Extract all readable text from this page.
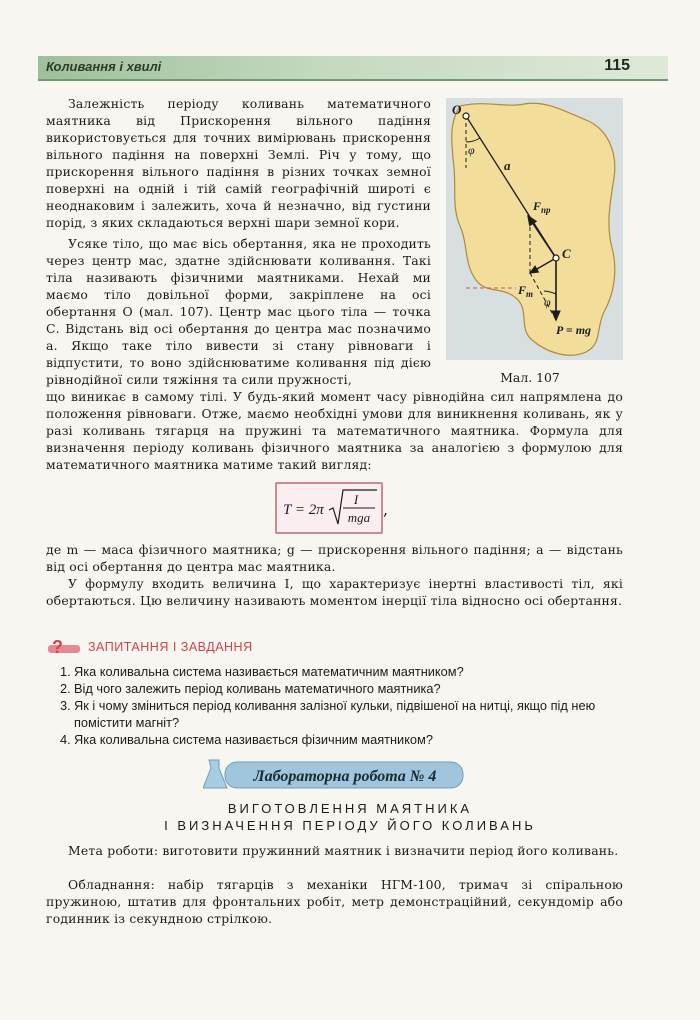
Коливання і хвилі	115
Залежність періоду коливань математичного маятника від Прискорення вільного падіння використовується для точних вимірювань прискорення вільного падіння на поверхні Землі. Річ у тому, що прискорення вільного падіння в різних точках земної поверхні на одній і тій самій географічній широті є неоднаковим і залежить, хоча й незначно, від густини порід, з яких складаються верхні шари земної кори.
Усяке тіло, що має вісь обертання, яка не проходить через центр мас, здатне здійснювати коливання. Такі тіла називають фізичними маятниками. Нехай ми маємо тіло довільної форми, закріплене на осі обертання O (мал. 107). Центр мас цього тіла — точка С. Відстань від осі обертання до центра мас позначимо a. Якщо таке тіло вивести зі стану рівноваги і відпустити, то воно здійснюватиме коливання під дією рівнодійної сили тяжіння та сили пружності,
O
C
a
φ
φ
$F_{пр}$
$F_т$
P = mg
Мал. 107
що виникає в самому тілі. У будь-який момент часу рівнодійна сил напрямлена до положення рівноваги. Отже, маємо необхідні умови для виникнення коливань, як у разі коливань тягарця на пружині та математичного маятника. Формула для визначення періоду коливань фізичного маятника за аналогією з формулою для математичного маятника матиме такий вигляд:
T = 2π
I
mga ,
де m — маса фізичного маятника; g — прискорення вільного падіння; a — відстань від осі обертання до центра мас маятника.
У формулу входить величина I, що характеризує інертні властивості тіл, які обертаються. Цю величину називають моментом інерції тіла відносно осі обертання.
? ЗАПИТАННЯ І ЗАВДАННЯ
1. Яка коливальна система називається математичним маятником?
2. Від чого залежить період коливань математичного маятника?
3. Як і чому зміниться період коливання залізної кульки, підвішеної на нитці, якщо під нею помістити магніт?
4. Яка коливальна система називається фізичним маятником?
Лабораторна робота № 4
ВИГОТОВЛЕННЯ МАЯТНИКА
І ВИЗНАЧЕННЯ ПЕРІОДУ ЙОГО КОЛИВАНЬ
Мета роботи: виготовити пружинний маятник і визначити період його коливань.
Обладнання: набір тягарців з механіки НГМ-100, тримач зі спіральною пружиною, штатив для фронтальних робіт, метр демонстраційний, секундомір або годинник із секундною стрілкою.
